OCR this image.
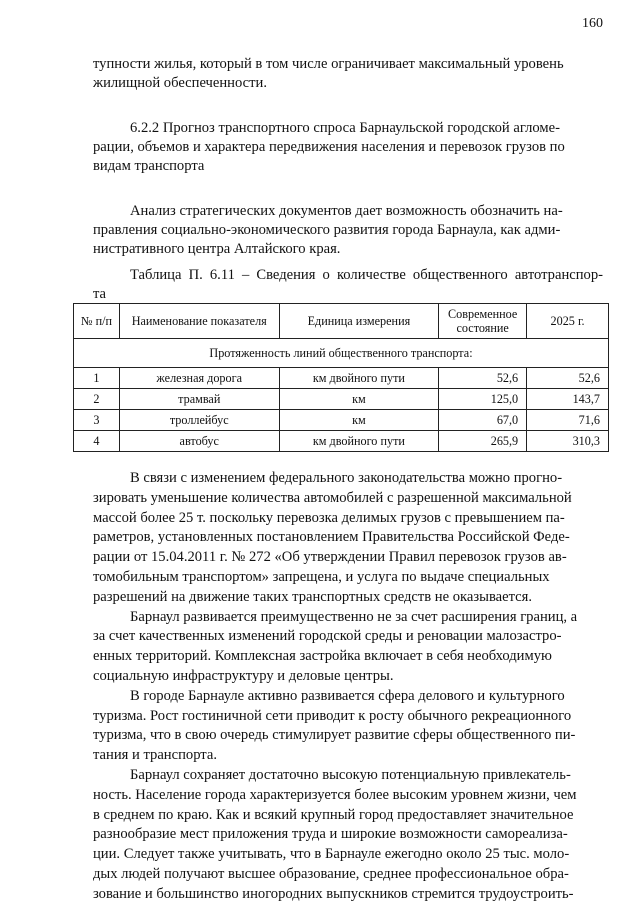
160

тупности жилья, который в том числе ограничивает максимальный уровень

жилищной обеспеченности.

6.2.2 Прогноз транспортного спроса Барнаульской городской агломе-

рации, объемов и характера передвижения населения и перевозок грузов по

видам транспорта

Анализ стратегических документов дает возможность обозначить на-

правления социально-экономического развития города Барнаула, как адми-

нистративного центра Алтайского края.

Таблица П. 6.11 – Сведения о количестве общественного автотранспор-
та
№ п/п	Наименование показателя	Единица измерения	Современное состояние	2025 г.
Протяженность линий общественного транспорта:				
1	железная дорога	км двойного пути	52,6	52,6
2	трамвай	км	125,0	143,7
3	троллейбус	км	67,0	71,6
4	автобус	км двойного пути	265,9	310,3

В связи с изменением федерального законодательства можно прогно-

зировать уменьшение количества автомобилей с разрешенной максимальной

массой более 25 т. поскольку перевозка делимых грузов с превышением па-

раметров, установленных постановлением Правительства Российской Феде-

рации от 15.04.2011 г. № 272 «Об утверждении Правил перевозок грузов ав-

томобильным транспортом» запрещена, и услуга по выдаче специальных

разрешений на движение таких транспортных средств не оказывается.

Барнаул развивается преимущественно не за счет расширения границ, а

за счет качественных изменений городской среды и реновации малозастро-

енных территорий. Комплексная застройка включает в себя необходимую

социальную инфраструктуру и деловые центры.

В городе Барнауле активно развивается сфера делового и культурного

туризма. Рост гостиничной сети приводит к росту обычного рекреационного

туризма, что в свою очередь стимулирует развитие сферы общественного пи-

тания и транспорта.

Барнаул сохраняет достаточно высокую потенциальную привлекатель-

ность. Население города характеризуется более высоким уровнем жизни, чем

в среднем по краю. Как и всякий крупный город предоставляет значительное

разнообразие мест приложения труда и широкие возможности самореализа-

ции. Следует также учитывать, что в Барнауле ежегодно около 25 тыс. моло-

дых людей получают высшее образование, среднее профессиональное обра-

зование и большинство иногородних выпускников стремится трудоустроить-
